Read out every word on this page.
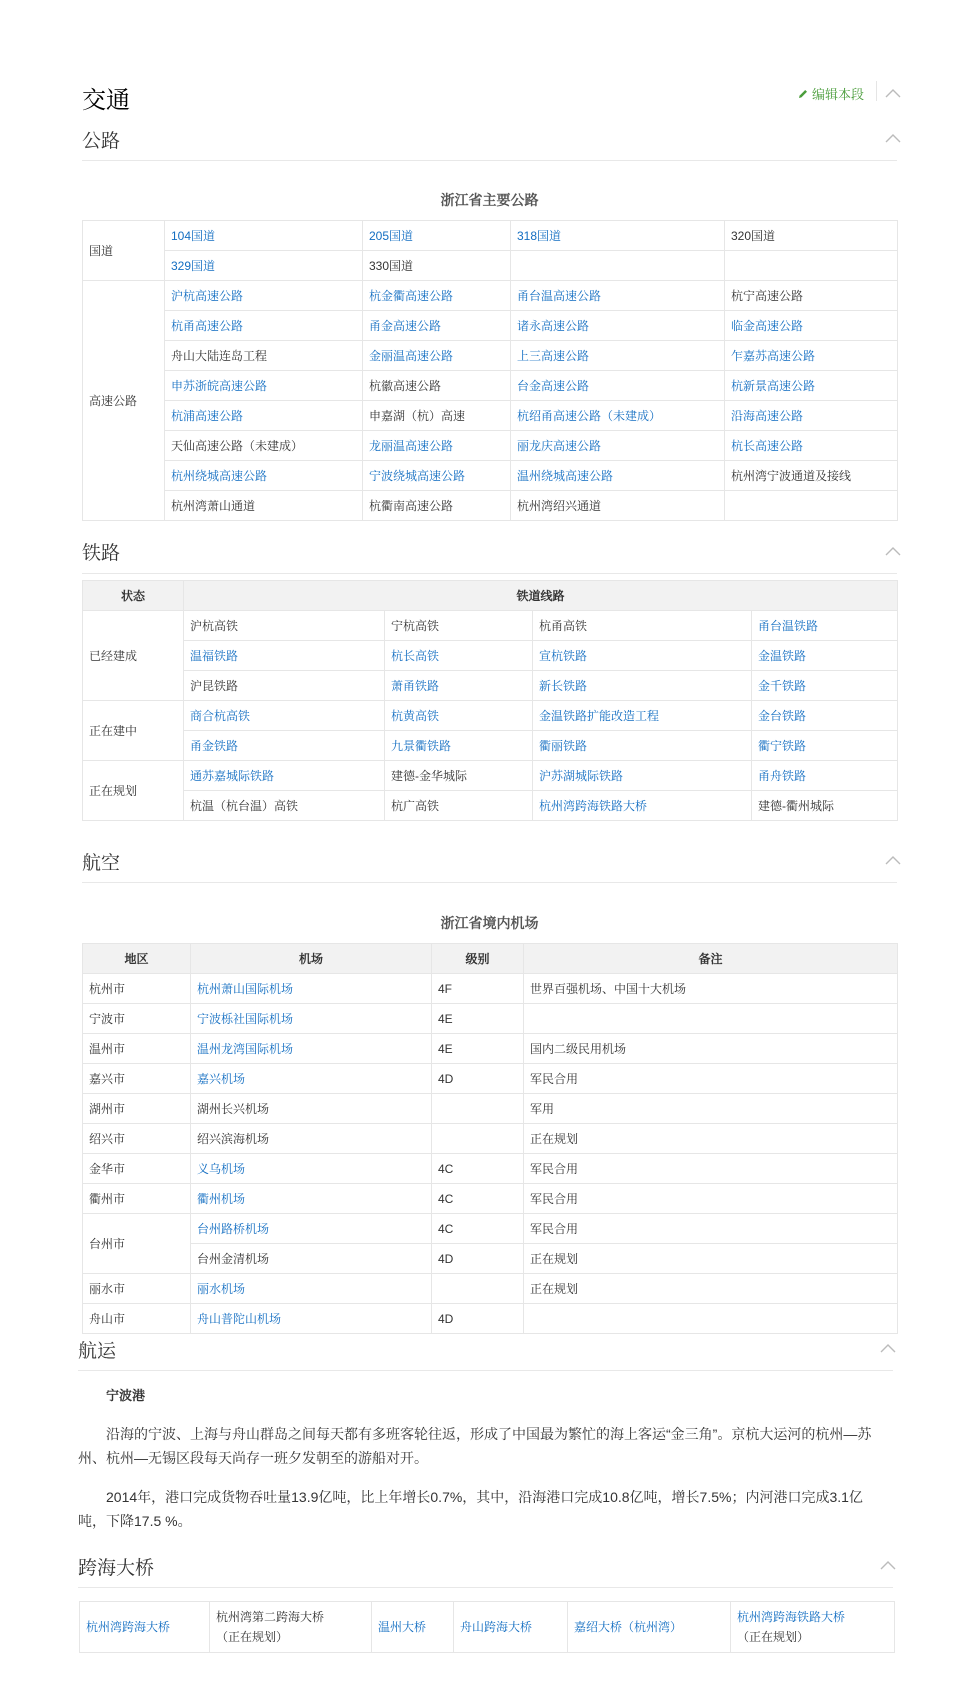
交通	编辑本段
公路
浙江省主要公路
国道	104国道	205国道	318国道	320国道
	329国道	330国道		
高速公路	沪杭高速公路	杭金衢高速公路	甬台温高速公路	杭宁高速公路
	杭甬高速公路	甬金高速公路	诸永高速公路	临金高速公路
	舟山大陆连岛工程	金丽温高速公路	上三高速公路	乍嘉苏高速公路
	申苏浙皖高速公路	杭徽高速公路	台金高速公路	杭新景高速公路
	杭浦高速公路	申嘉湖（杭）高速	杭绍甬高速公路（未建成）	沿海高速公路
	天仙高速公路（未建成）	龙丽温高速公路	丽龙庆高速公路	杭长高速公路
	杭州绕城高速公路	宁波绕城高速公路	温州绕城高速公路	杭州湾宁波通道及接线
	杭州湾萧山通道	杭衢南高速公路	杭州湾绍兴通道	
铁路
状态	铁道线路			
已经建成	沪杭高铁	宁杭高铁	杭甬高铁	甬台温铁路
	温福铁路	杭长高铁	宣杭铁路	金温铁路
	沪昆铁路	萧甬铁路	新长铁路	金千铁路
正在建中	商合杭高铁	杭黄高铁	金温铁路扩能改造工程	金台铁路
	甬金铁路	九景衢铁路	衢丽铁路	衢宁铁路
正在规划	通苏嘉城际铁路	建德-金华城际	沪苏湖城际铁路	甬舟铁路
	杭温（杭台温）高铁	杭广高铁	杭州湾跨海铁路大桥	建德-衢州城际
航空
浙江省境内机场
地区	机场	级别	备注
杭州市	杭州萧山国际机场	4F	世界百强机场、中国十大机场
宁波市	宁波栎社国际机场	4E	
温州市	温州龙湾国际机场	4E	国内二级民用机场
嘉兴市	嘉兴机场	4D	军民合用
湖州市	湖州长兴机场		军用
绍兴市	绍兴滨海机场		正在规划
金华市	义乌机场	4C	军民合用
衢州市	衢州机场	4C	军民合用
台州市	台州路桥机场	4C	军民合用
	台州金清机场	4D	正在规划
丽水市	丽水机场		正在规划
舟山市	舟山普陀山机场	4D	
航运
宁波港
沿海的宁波、上海与舟山群岛之间每天都有多班客轮往返，形成了中国最为繁忙的海上客运“金三角”。京杭大运河的杭州—苏州、杭州—无锡区段每天尚存一班夕发朝至的游船对开。
2014年，港口完成货物吞吐量13.9亿吨，比上年增长0.7%，其中，沿海港口完成10.8亿吨，增长7.5%；内河港口完成3.1亿吨，下降17.5 %。
跨海大桥
杭州湾跨海大桥	杭州湾第二跨海大桥
（正在规划）	温州大桥	舟山跨海大桥	嘉绍大桥（杭州湾）	杭州湾跨海铁路大桥
（正在规划）
